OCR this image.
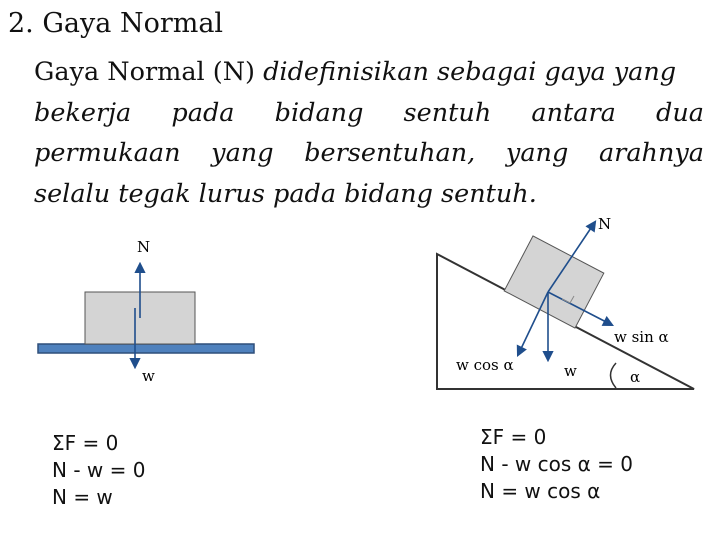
2. Gaya Normal
Gaya Normal (N) didefinisikan sebagai gaya yang
bekerja pada bidang sentuh antara dua
permukaan yang bersentuhan, yang arahnya
selalu tegak lurus pada bidang sentuh.
N
w
N
w sin α
w cos α	w	α
ΣF = 0
N - w = 0
N = w
ΣF = 0
N - w cos α = 0
N = w cos α
